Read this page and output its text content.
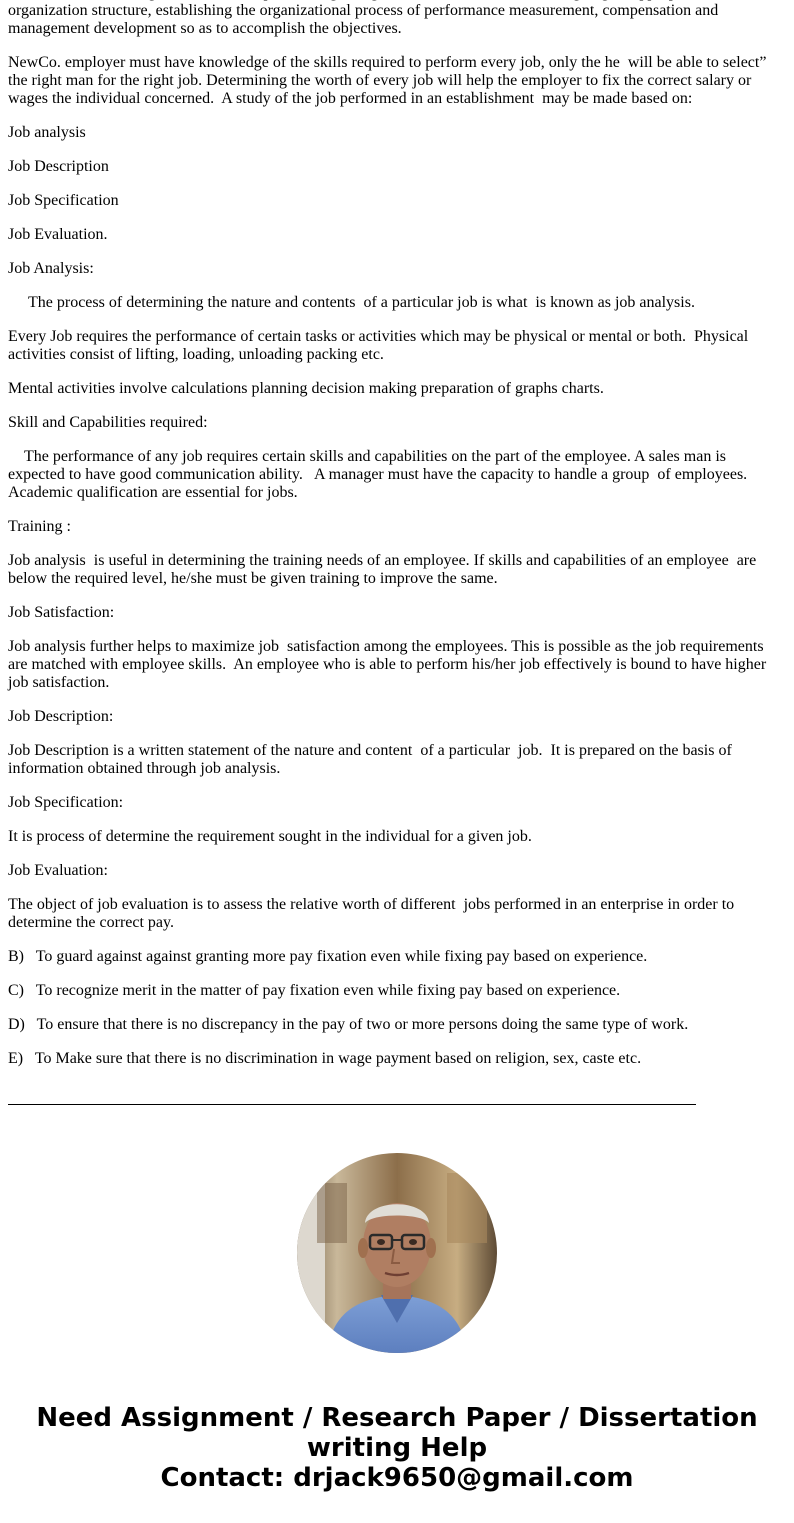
organization structure, establishing the organizational process of performance measurement, compensation and management development so as to accomplish the objectives.

NewCo. employer must have knowledge of the skills required to perform every job, only the he  will be able to select” the right man for the right job. Determining the worth of every job will help the employer to fix the correct salary or wages the individual concerned.  A study of the job performed in an establishment  may be made based on:

Job analysis

Job Description

Job Specification

Job Evaluation.

Job Analysis:

The process of determining the nature and contents  of a particular job is what  is known as job analysis.

Every Job requires the performance of certain tasks or activities which may be physical or mental or both.  Physical activities consist of lifting, loading, unloading packing etc.

Mental activities involve calculations planning decision making preparation of graphs charts.

Skill and Capabilities required:

The performance of any job requires certain skills and capabilities on the part of the employee. A sales man is expected to have good communication ability.   A manager must have the capacity to handle a group  of employees.   Academic qualification are essential for jobs.

Training :

Job analysis  is useful in determining the training needs of an employee. If skills and capabilities of an employee  are below the required level, he/she must be given training to improve the same.

Job Satisfaction:

Job analysis further helps to maximize job  satisfaction among the employees. This is possible as the job requirements are matched with employee skills.  An employee who is able to perform his/her job effectively is bound to have higher job satisfaction.

Job Description:

Job Description is a written statement of the nature and content  of a particular  job.  It is prepared on the basis of information obtained through job analysis.

Job Specification:

It is process of determine the requirement sought in the individual for a given job.

Job Evaluation:

The object of job evaluation is to assess the relative worth of different  jobs performed in an enterprise in order to determine the correct pay.

B)   To guard against against granting more pay fixation even while fixing pay based on experience.

C)   To recognize merit in the matter of pay fixation even while fixing pay based on experience.

D)   To ensure that there is no discrepancy in the pay of two or more persons doing the same type of work.

E)   To Make sure that there is no discrimination in wage payment based on religion, sex, caste etc.

Need Assignment / Research Paper / Dissertation
writing Help
Contact: drjack9650@gmail.com
